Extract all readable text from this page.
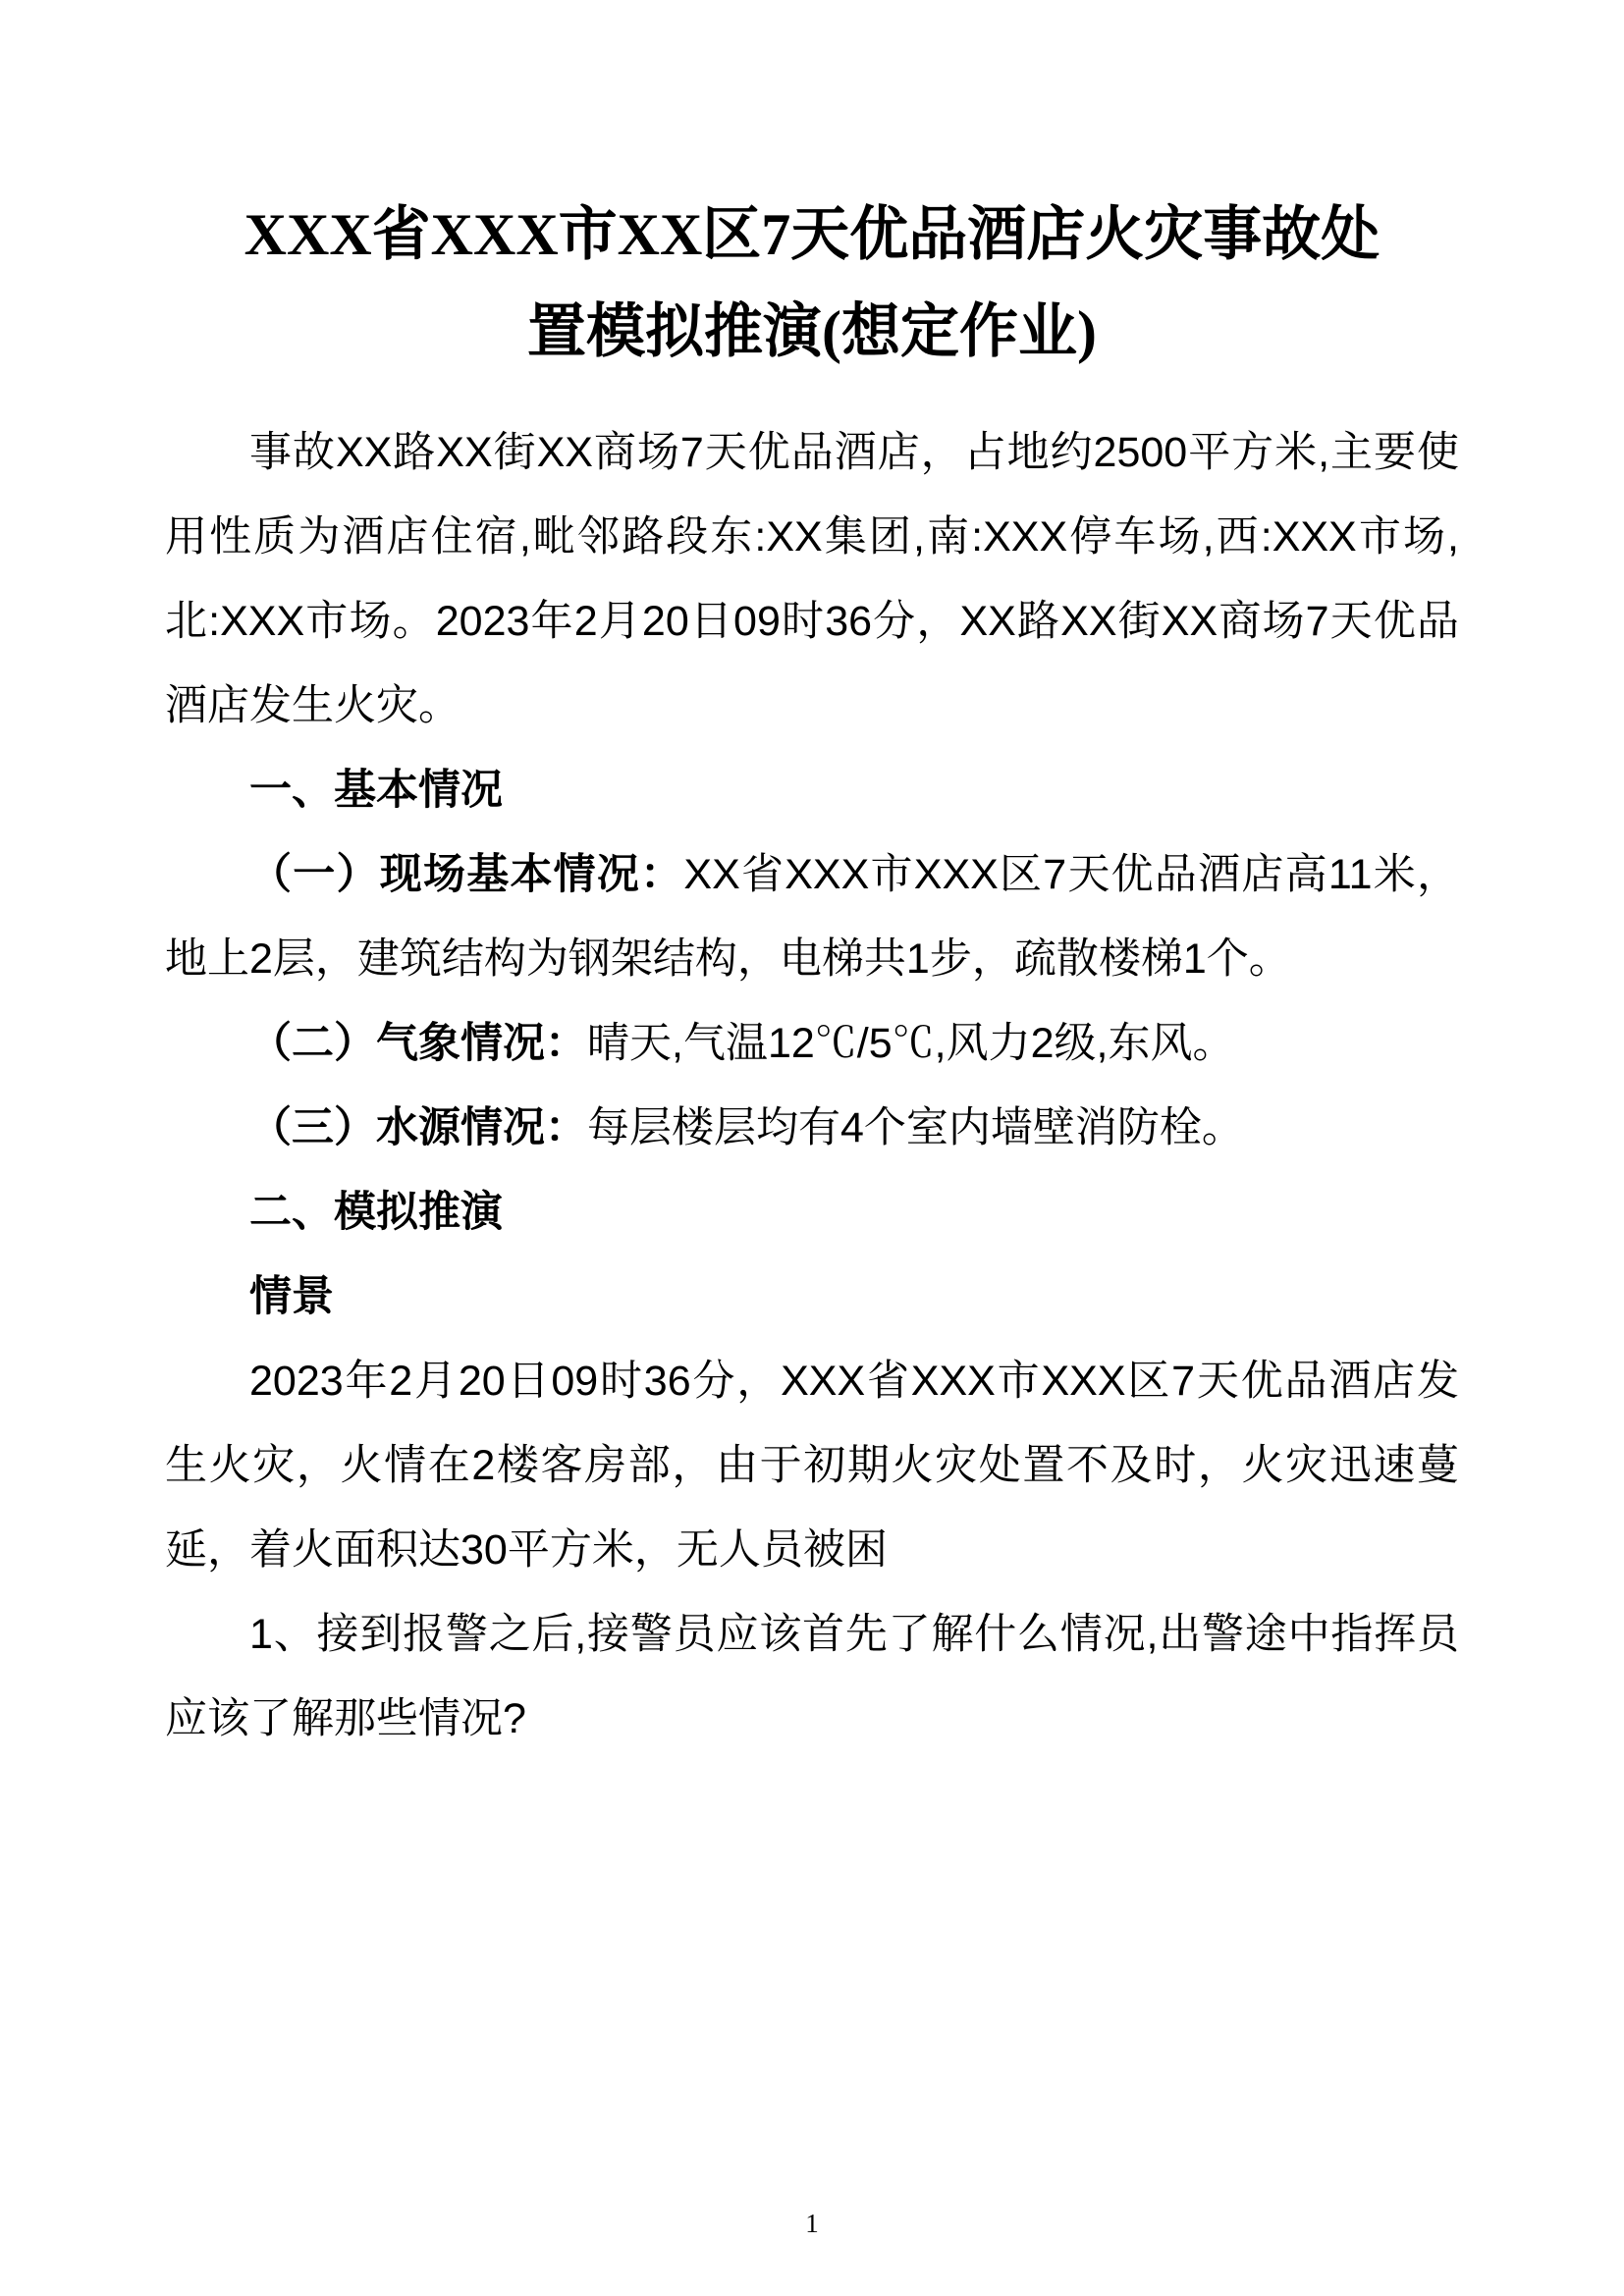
XXX省XXX市XX区7天优品酒店火灾事故处置模拟推演(想定作业)

事故XX路XX街XX商场7天优品酒店，占地约2500平方米,主要使用性质为酒店住宿,毗邻路段东:XX集团,南:XXX停车场,西:XXX市场,北:XXX市场。2023年2月20日09时36分，XX路XX街XX商场7天优品酒店发生火灾。

一、基本情况

（一）现场基本情况：XX省XXX市XXX区7天优品酒店高11米，地上2层，建筑结构为钢架结构，电梯共1步，疏散楼梯1个。

（二）气象情况：晴天,气温12℃/5℃,风力2级,东风。

（三）水源情况：每层楼层均有4个室内墙壁消防栓。

二、模拟推演

情景

2023年2月20日09时36分，XXX省XXX市XXX区7天优品酒店发生火灾，火情在2楼客房部，由于初期火灾处置不及时，火灾迅速蔓延，着火面积达30平方米，无人员被困

1、接到报警之后,接警员应该首先了解什么情况,出警途中指挥员应该了解那些情况?

1
